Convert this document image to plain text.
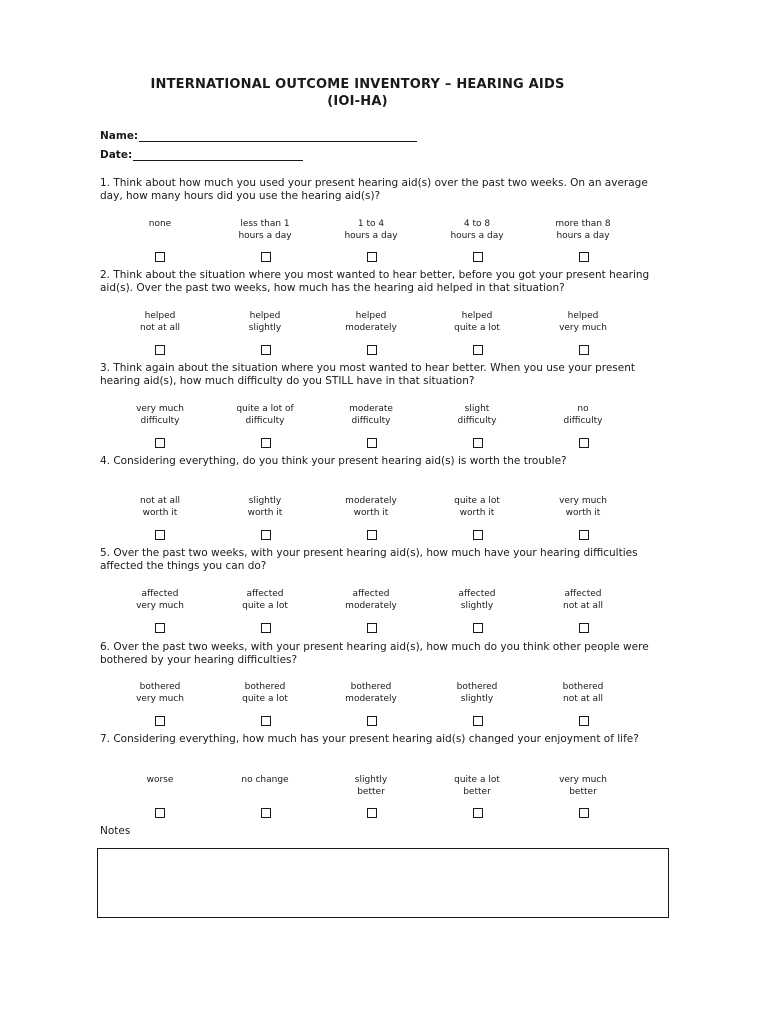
INTERNATIONAL OUTCOME INVENTORY – HEARING AIDS
(IOI-HA)
Name:
Date:

1. Think about how much you used your present hearing aid(s) over the past two weeks. On an average day, how many hours did you use the hearing aid(s)?

none	less than 1
hours a day
1 to 4
hours a day
4 to 8
hours a day
more than 8
hours a day

2. Think about the situation where you most wanted to hear better, before you got your present hearing aid(s). Over the past two weeks, how much has the hearing aid helped in that situation?

helped
not at all
helped
slightly
helped
moderately
helped
quite a lot
helped
very much

3. Think again about the situation where you most wanted to hear better. When you use your present hearing aid(s), how much difficulty do you STILL have in that situation?

very much
difficulty
quite a lot of
difficulty
moderate
difficulty
slight
difficulty
no
difficulty

4. Considering everything, do you think your present hearing aid(s) is worth the trouble?

not at all
worth it
slightly
worth it
moderately
worth it
quite a lot
worth it
very much
worth it

5. Over the past two weeks, with your present hearing aid(s), how much have your hearing difficulties affected the things you can do?

affected
very much
affected
quite a lot
affected
moderately
affected
slightly
affected
not at all

6. Over the past two weeks, with your present hearing aid(s), how much do you think other people were bothered by your hearing difficulties?

bothered
very much
bothered
quite a lot
bothered
moderately
bothered
slightly
bothered
not at all

7. Considering everything, how much has your present hearing aid(s) changed your enjoyment of life?

worse	no change	slightly
better
quite a lot
better
very much
better
Notes
